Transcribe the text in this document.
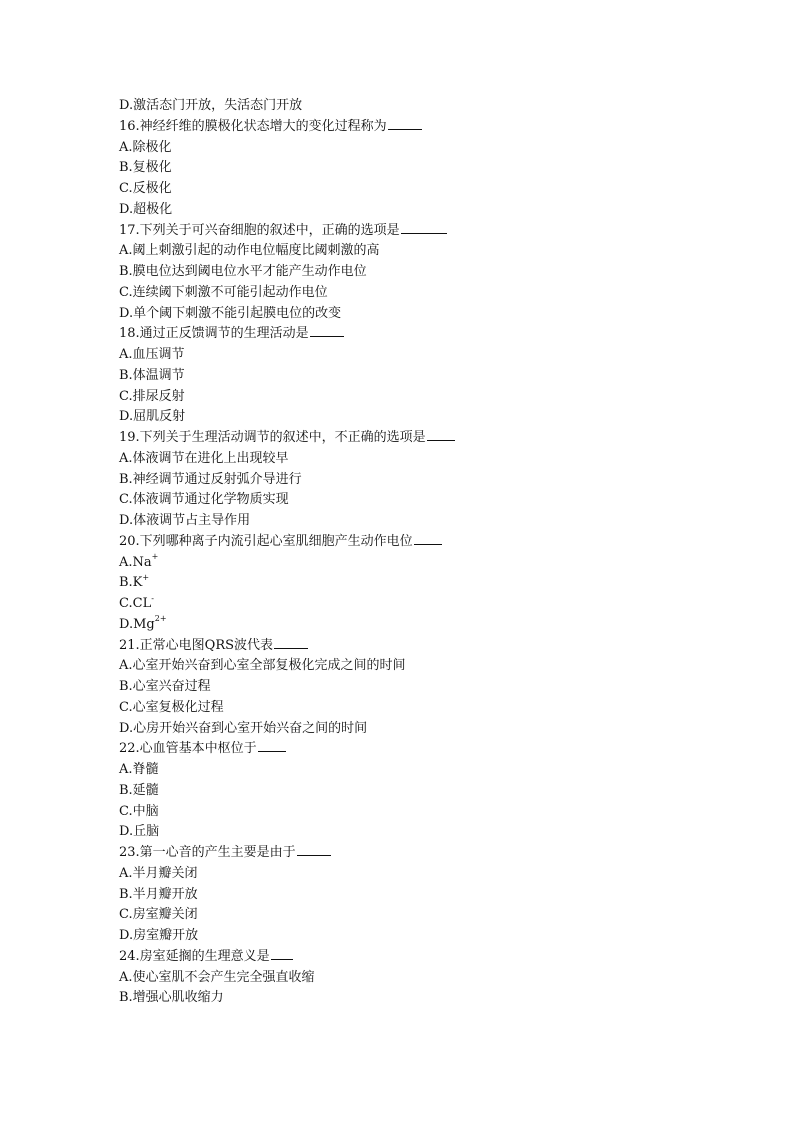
D.激活态门开放，失活态门开放
16.神经纤维的膜极化状态增大的变化过程称为
A.除极化
B.复极化
C.反极化
D.超极化
17.下列关于可兴奋细胞的叙述中，正确的选项是
A.阈上刺激引起的动作电位幅度比阈刺激的高
B.膜电位达到阈电位水平才能产生动作电位
C.连续阈下刺激不可能引起动作电位
D.单个阈下刺激不能引起膜电位的改变
18.通过正反馈调节的生理活动是
A.血压调节
B.体温调节
C.排尿反射
D.屈肌反射
19.下列关于生理活动调节的叙述中，不正确的选项是
A.体液调节在进化上出现较早
B.神经调节通过反射弧介导进行
C.体液调节通过化学物质实现
D.体液调节占主导作用
20.下列哪种离子内流引起心室肌细胞产生动作电位
A.Na+
B.K+
C.CL-
$D.Mg^{2+}$
21.正常心电图QRS波代表
A.心室开始兴奋到心室全部复极化完成之间的时间
B.心室兴奋过程
C.心室复极化过程
D.心房开始兴奋到心室开始兴奋之间的时间
22.心血管基本中枢位于
A.脊髓
B.延髓
C.中脑
D.丘脑
23.第一心音的产生主要是由于
A.半月瓣关闭
B.半月瓣开放
C.房室瓣关闭
D.房室瓣开放
24.房室延搁的生理意义是
A.使心室肌不会产生完全强直收缩
B.增强心肌收缩力
